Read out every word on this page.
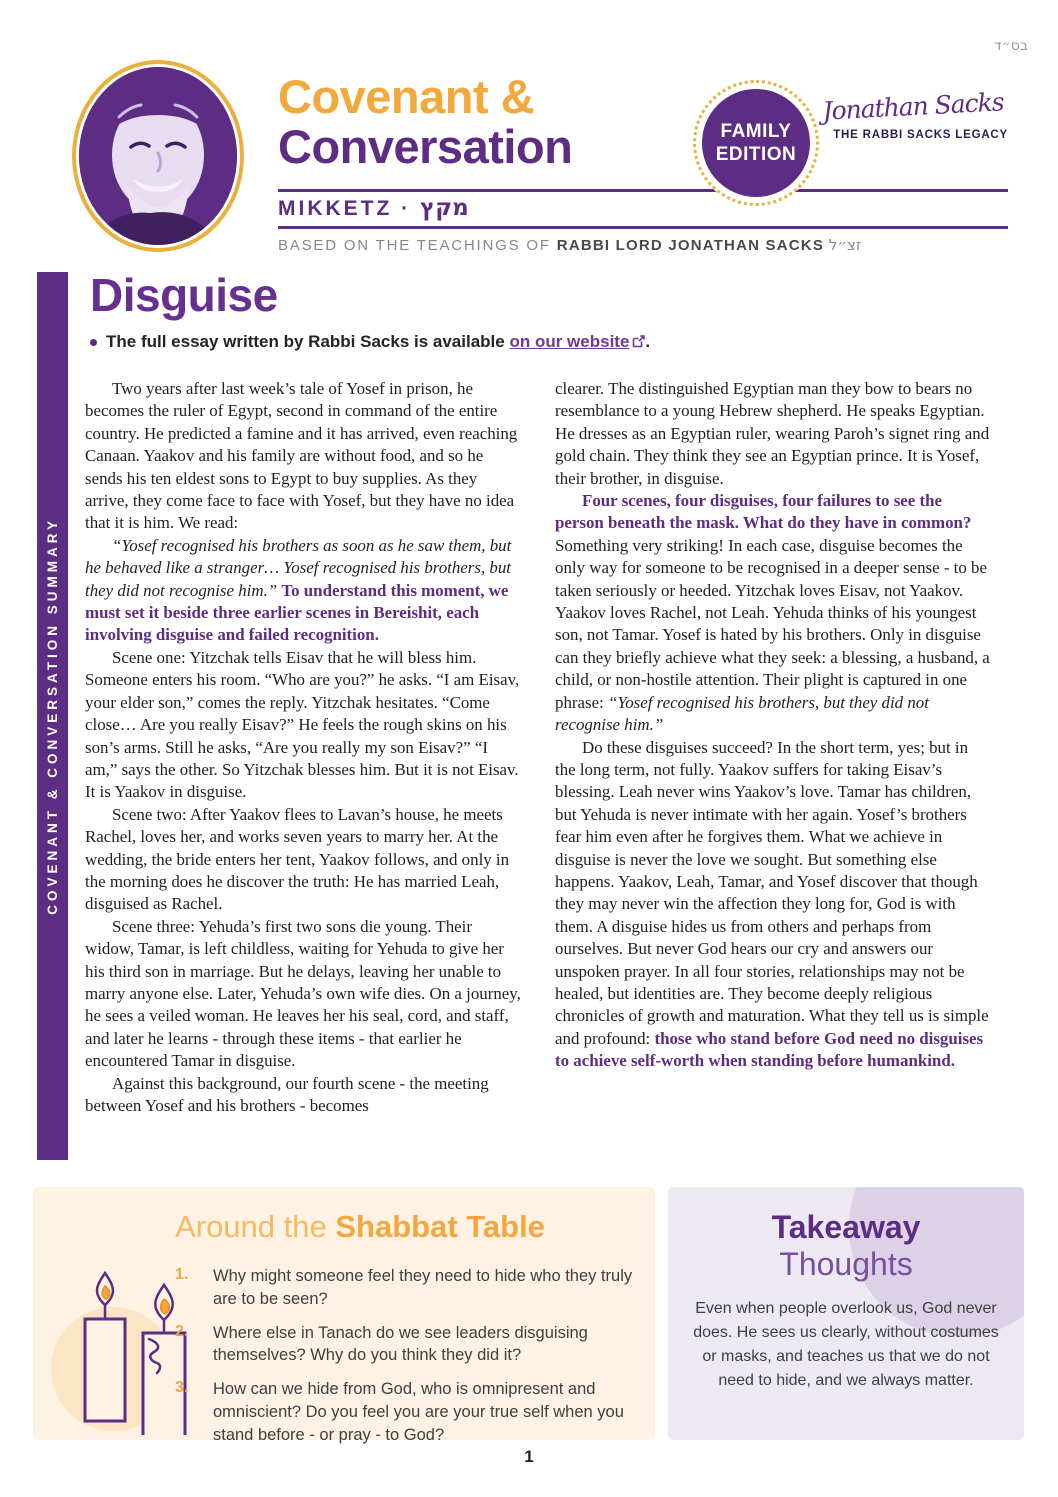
בס״ד
Covenant &
Conversation
MIKKETZ · מקץ
BASED ON THE TEACHINGS OF RABBI LORD JONATHAN SACKS זצ״ל
FAMILY
EDITION
Jonathan Sacks
THE RABBI SACKS LEGACY
COVENANT & CONVERSATION SUMMARY
Disguise
The full essay written by Rabbi Sacks is available on our website .

Two years after last week’s tale of Yosef in prison, he becomes the ruler of Egypt, second in command of the entire country. He predicted a famine and it has arrived, even reaching Canaan. Yaakov and his family are without food, and so he sends his ten eldest sons to Egypt to buy supplies. As they arrive, they come face to face with Yosef, but they have no idea that it is him. We read:

“Yosef recognised his brothers as soon as he saw them, but he behaved like a stranger… Yosef recognised his brothers, but they did not recognise him.” To understand this moment, we must set it beside three earlier scenes in Bereishit, each involving disguise and failed recognition.

Scene one: Yitzchak tells Eisav that he will bless him. Someone enters his room. “Who are you?” he asks. “I am Eisav, your elder son,” comes the reply. Yitzchak hesitates. “Come close… Are you really Eisav?” He feels the rough skins on his son’s arms. Still he asks, “Are you really my son Eisav?” “I am,” says the other. So Yitzchak blesses him. But it is not Eisav. It is Yaakov in disguise.

Scene two: After Yaakov flees to Lavan’s house, he meets Rachel, loves her, and works seven years to marry her. At the wedding, the bride enters her tent, Yaakov follows, and only in the morning does he discover the truth: He has married Leah, disguised as Rachel.

Scene three: Yehuda’s first two sons die young. Their widow, Tamar, is left childless, waiting for Yehuda to give her his third son in marriage. But he delays, leaving her unable to marry anyone else. Later, Yehuda’s own wife dies. On a journey, he sees a veiled woman. He leaves her his seal, cord, and staff, and later he learns - through these items - that earlier he encountered Tamar in disguise.

Against this background, our fourth scene - the meeting between Yosef and his brothers - becomes

clearer. The distinguished Egyptian man they bow to bears no resemblance to a young Hebrew shepherd. He speaks Egyptian. He dresses as an Egyptian ruler, wearing Paroh’s signet ring and gold chain. They think they see an Egyptian prince. It is Yosef, their brother, in disguise.

Four scenes, four disguises, four failures to see the person beneath the mask. What do they have in common? Something very striking! In each case, disguise becomes the only way for someone to be recognised in a deeper sense - to be taken seriously or heeded. Yitzchak loves Eisav, not Yaakov. Yaakov loves Rachel, not Leah. Yehuda thinks of his youngest son, not Tamar. Yosef is hated by his brothers. Only in disguise can they briefly achieve what they seek: a blessing, a husband, a child, or non-hostile attention. Their plight is captured in one phrase: “Yosef recognised his brothers, but they did not recognise him.”

Do these disguises succeed? In the short term, yes; but in the long term, not fully. Yaakov suffers for taking Eisav’s blessing. Leah never wins Yaakov’s love. Tamar has children, but Yehuda is never intimate with her again. Yosef’s brothers fear him even after he forgives them. What we achieve in disguise is never the love we sought. But something else happens. Yaakov, Leah, Tamar, and Yosef discover that though they may never win the affection they long for, God is with them. A disguise hides us from others and perhaps from ourselves. But never God hears our cry and answers our unspoken prayer. In all four stories, relationships may not be healed, but identities are. They become deeply religious chronicles of growth and maturation. What they tell us is simple and profound: those who stand before God need no disguises to achieve self-worth when standing before humankind.

Around the Shabbat Table
1.	Why might someone feel they need to hide who they truly are to be seen?
2.	Where else in Tanach do we see leaders disguising themselves? Why do you think they did it?
3.	How can we hide from God, who is omnipresent and omniscient? Do you feel you are your true self when you stand before - or pray - to God?
Takeaway
Thoughts
Even when people overlook us, God never does. He sees us clearly, without costumes or masks, and teaches us that we do not need to hide, and we always matter.
1
